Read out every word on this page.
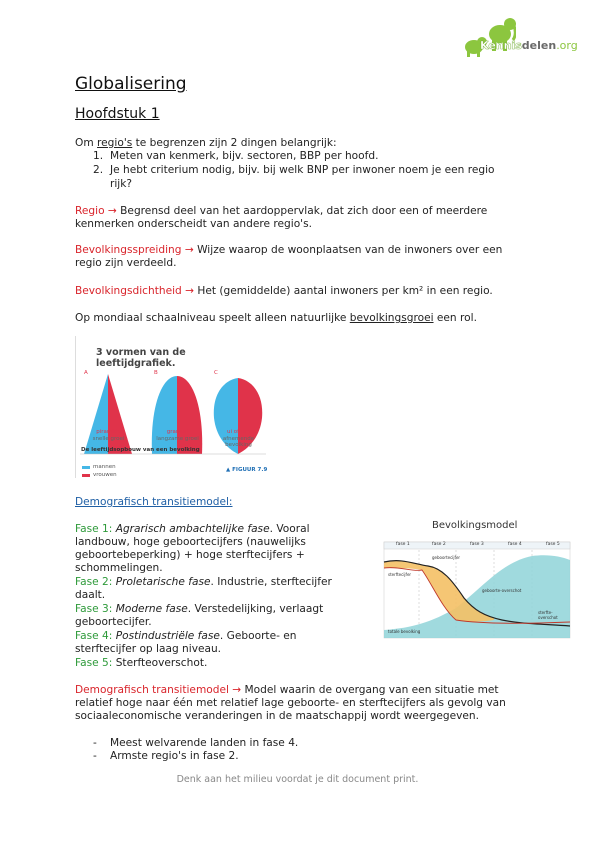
Kennisdelen.org
Globalisering
Hoofdstuk 1
Om regio's te begrenzen zijn 2 dingen belangrijk:
1. Meten van kenmerk, bijv. sectoren, BBP per hoofd.
2. Je hebt criterium nodig, bijv. bij welk BNP per inwoner noem je een regio
rijk?
Regio → Begrensd deel van het aardoppervlak, dat zich door een of meerdere
kenmerken onderscheidt van andere regio's.
Bevolkingsspreiding → Wijze waarop de woonplaatsen van de inwoners over een
regio zijn verdeeld.
Bevolkingsdichtheid → Het (gemiddelde) aantal inwoners per km² in een regio.
Op mondiaal schaalniveau speelt alleen natuurlijke bevolkingsgroei een rol.
3 vormen van de leeftijdgrafiek.
A	B	C
piramide
snelle groei
granaat
langzame groei
ui of urn
afnemende bevolking
De leeftijdsopbouw van een bevolking
mannen
vrouwen
▲ FIGUUR 7.9
Demografisch transitiemodel:
Fase 1: Agrarisch ambachtelijke fase. Vooral
landbouw, hoge geboortecijfers (nauwelijks
geboortebeperking) + hoge sterftecijfers +
schommelingen.
Fase 2: Proletarische fase. Industrie, sterftecijfer
daalt.
Fase 3: Moderne fase. Verstedelijking, verlaagt
geboortecijfer.
Fase 4: Postindustriële fase. Geboorte- en
sterftecijfer op laag niveau.
Fase 5: Sterfteoverschot.
Bevolkingsmodel
fase 1	fase 2	fase 3	fase 4	fase 5
geboortecijfer
sterftecijfer
geboorte-overschot
sterfte-overschot
totale bevolking
Demografisch transitiemodel → Model waarin de overgang van een situatie met
relatief hoge naar één met relatief lage geboorte- en sterftecijfers als gevolg van
sociaaleconomische veranderingen in de maatschappij wordt weergegeven.
- Meest welvarende landen in fase 4.
- Armste regio's in fase 2.
Denk aan het milieu voordat je dit document print.
